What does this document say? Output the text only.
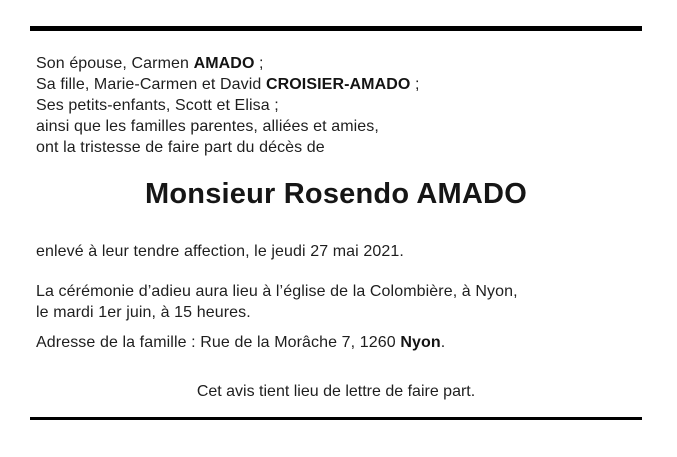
Son épouse, Carmen AMADO ;

Sa fille, Marie-Carmen et David CROISIER-AMADO ;

Ses petits-enfants, Scott et Elisa ;

ainsi que les familles parentes, alliées et amies,

ont la tristesse de faire part du décès de

Monsieur Rosendo AMADO
enlevé à leur tendre affection, le jeudi 27 mai 2021.
La cérémonie d’adieu aura lieu à l’église de la Colombière, à Nyon,
le mardi 1er juin, à 15 heures.
Adresse de la famille : Rue de la Morâche 7, 1260 Nyon.
Cet avis tient lieu de lettre de faire part.
